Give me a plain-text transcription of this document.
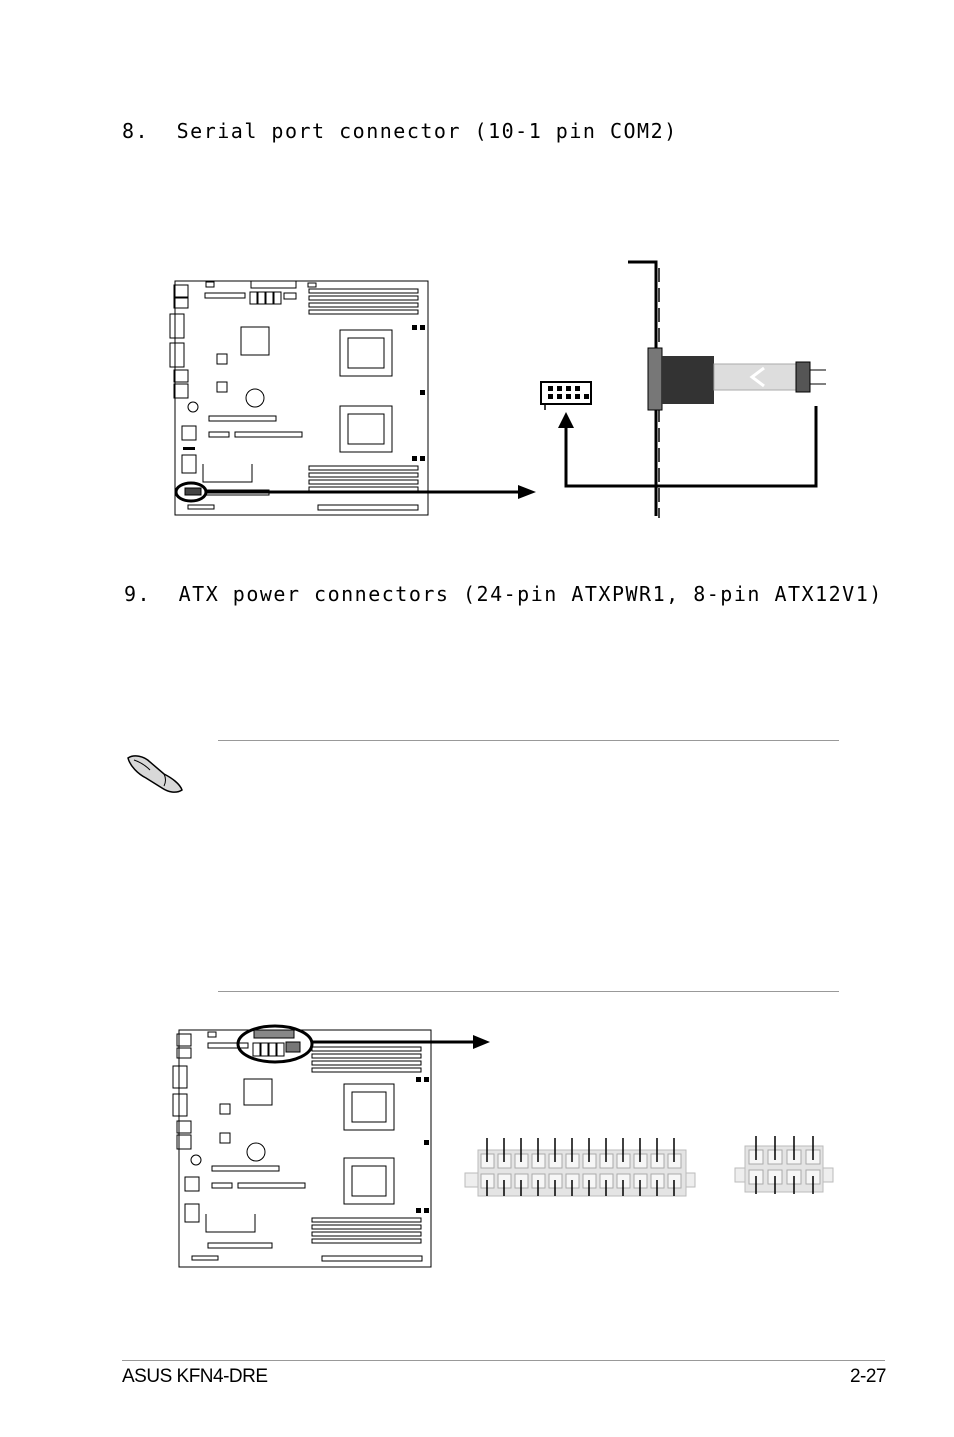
8. Serial port connector (10-1 pin COM2)
9. ATX power connectors (24-pin ATXPWR1, 8-pin ATX12V1)
ASUS KFN4-DRE	2-27
